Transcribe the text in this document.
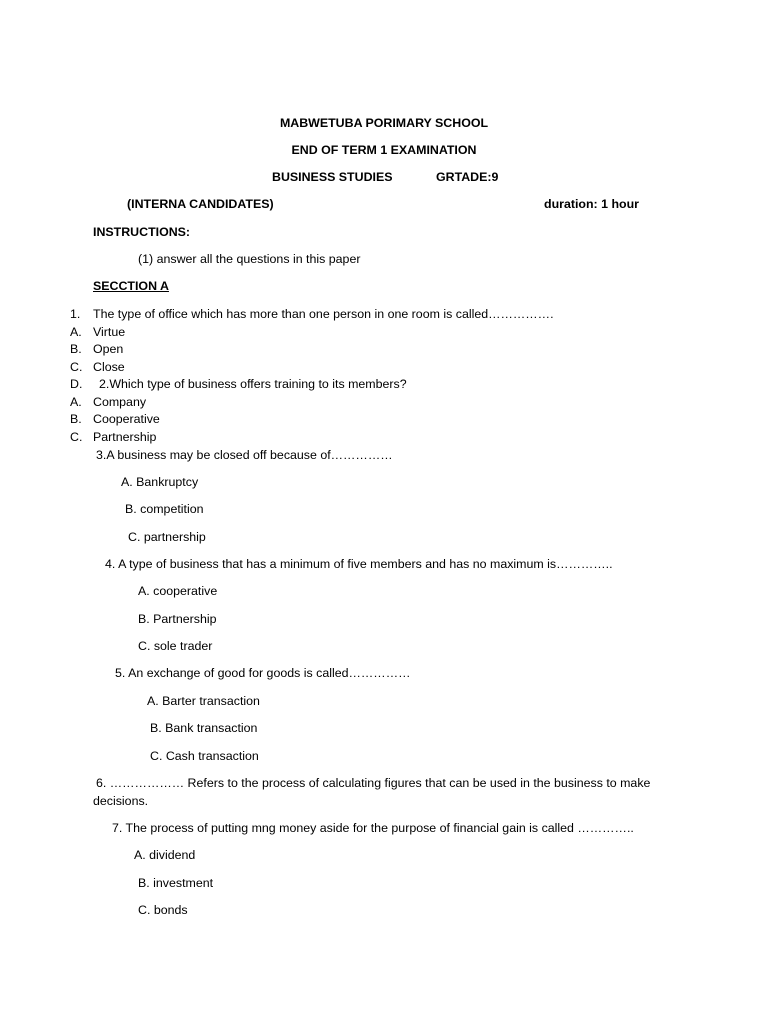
MABWETUBA PORIMARY SCHOOL
END OF TERM 1 EXAMINATION
BUSINESS STUDIES	GRTADE:9
(INTERNA CANDIDATES)	duration: 1 hour
INSTRUCTIONS:
(1) answer all the questions in this paper
SECCTION A
1. The type of office which has more than one person in one room is called…………….
A. Virtue
B. Open
C. Close
D. 2.Which type of business offers training to its members?
A. Company
B. Cooperative
C. Partnership
3.A business may be closed off because of……………
A. Bankruptcy
B. competition
C. partnership
4. A type of business that has a minimum of five members and has no maximum is…………..
A. cooperative
B. Partnership
C. sole trader
5. An exchange of good for goods is called……………
A. Barter transaction
B. Bank transaction
C. Cash transaction
6. ……………… Refers to the process of calculating figures that can be used in the business to make decisions.
7. The process of putting mng money aside for the purpose of financial gain is called …………..
A. dividend
B. investment
C. bonds
